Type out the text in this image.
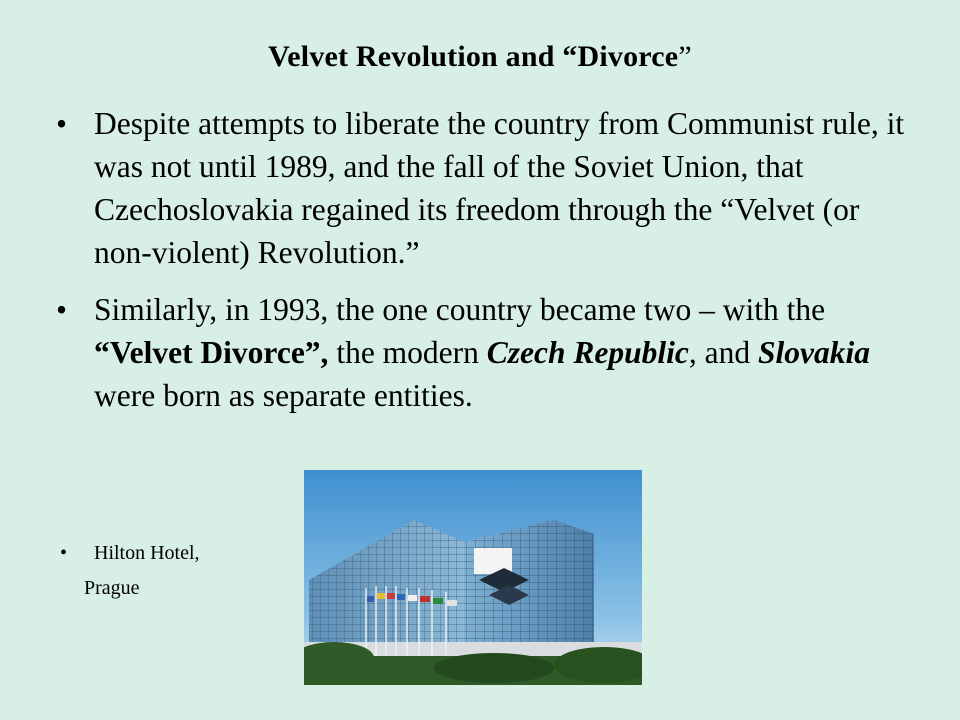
Velvet Revolution and “Divorce”
• Despite attempts to liberate the country from Communist rule, it was not until 1989, and the fall of the Soviet Union, that Czechoslovakia regained its freedom through the “Velvet (or non-violent) Revolution.”
• Similarly, in 1993, the one country became two – with the “Velvet Divorce”, the modern Czech Republic, and Slovakia were born as separate entities.
•	Hilton Hotel,
Prague
